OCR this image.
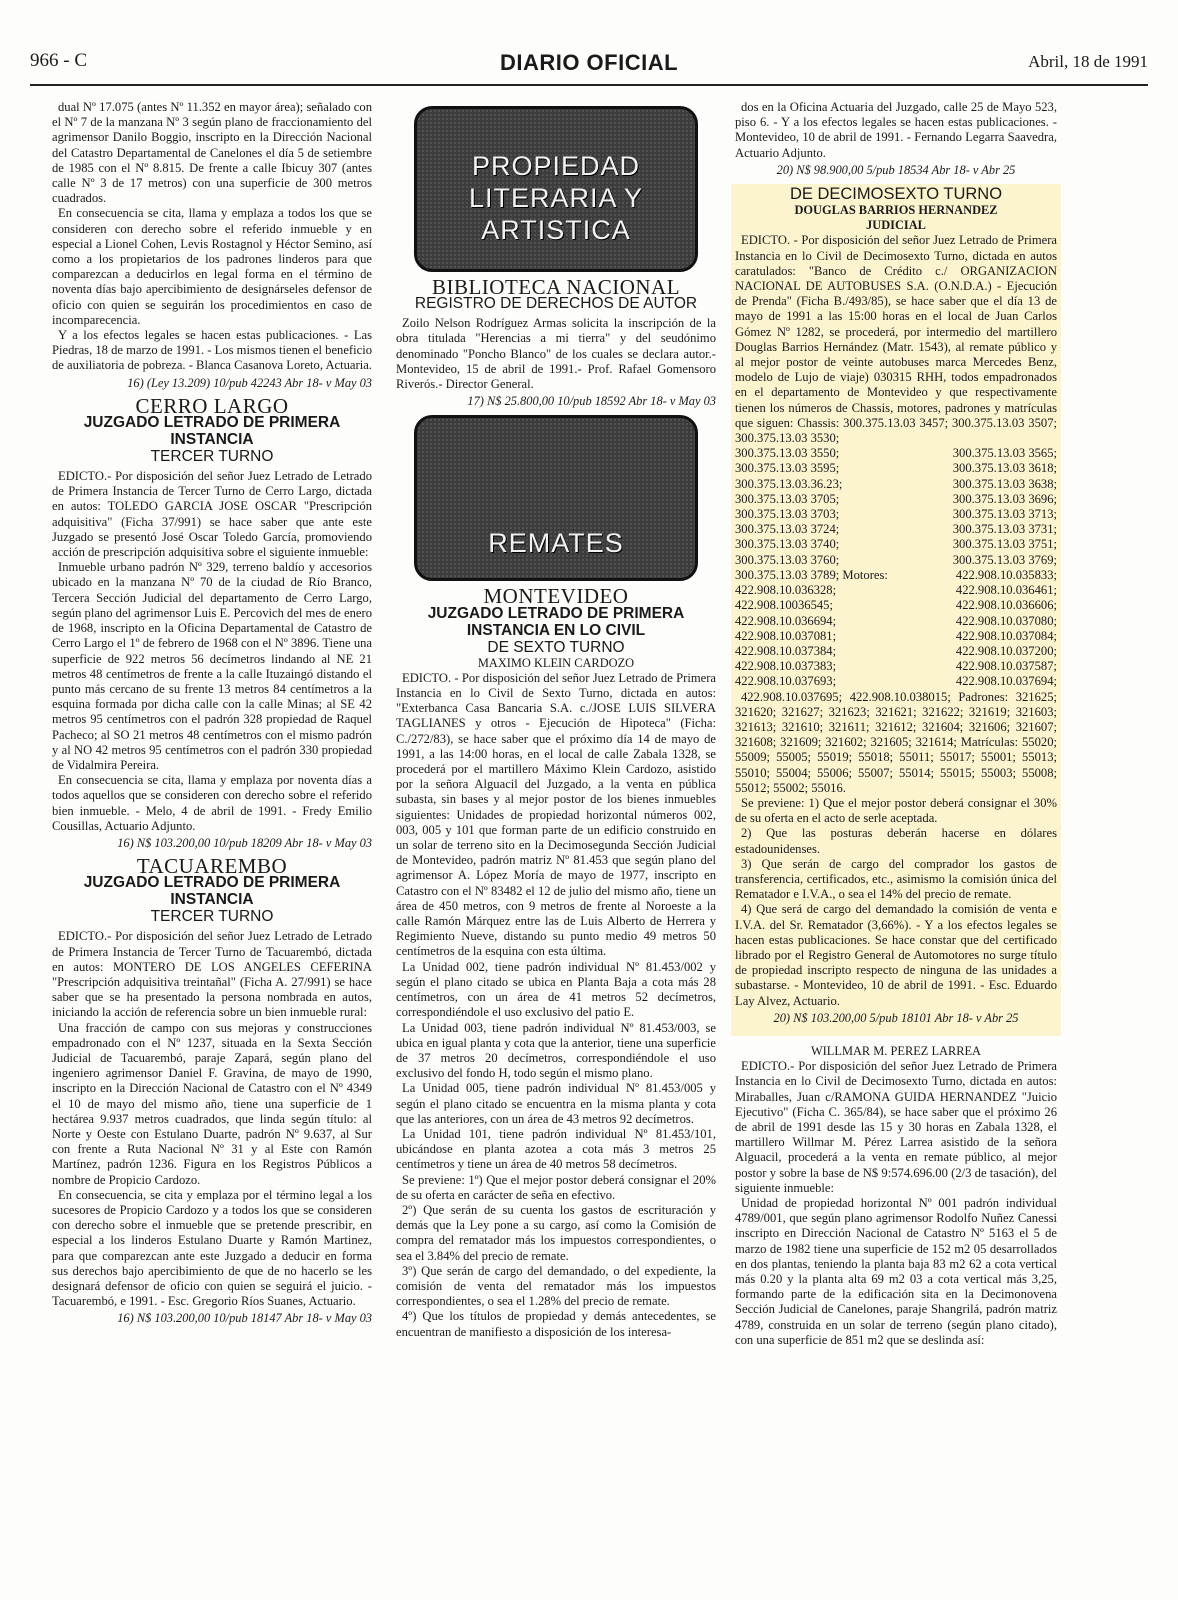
966 - C	DIARIO OFICIAL	Abril, 18 de 1991

dual Nº 17.075 (antes Nº 11.352 en mayor área); señalado con el Nº 7 de la manzana Nº 3 según plano de fraccionamiento del agrimensor Danilo Boggio, inscripto en la Dirección Nacional del Catastro Departamental de Canelones el día 5 de setiembre de 1985 con el Nº 8.815. De frente a calle Ibicuy 307 (antes calle Nº 3 de 17 metros) con una superficie de 300 metros cuadrados.

En consecuencia se cita, llama y emplaza a todos los que se consideren con derecho sobre el referido inmueble y en especial a Lionel Cohen, Levis Rostagnol y Héctor Semino, así como a los propietarios de los padrones linderos para que comparezcan a deducirlos en legal forma en el término de noventa días bajo apercibimiento de designárseles defensor de oficio con quien se seguirán los procedimientos en caso de incomparecencia.

Y a los efectos legales se hacen estas publicaciones. - Las Piedras, 18 de marzo de 1991. - Los mismos tienen el beneficio de auxiliatoria de pobreza. - Blanca Casanova Loreto, Actuaria.

16) (Ley 13.209) 10/pub 42243 Abr 18- v May 03
CERRO LARGO
JUZGADO LETRADO DE PRIMERA INSTANCIA
TERCER TURNO

EDICTO.- Por disposición del señor Juez Letrado de Letrado de Primera Instancia de Tercer Turno de Cerro Largo, dictada en autos: TOLEDO GARCIA JOSE OSCAR "Prescripción adquisitiva" (Ficha 37/991) se hace saber que ante este Juzgado se presentó José Oscar Toledo García, promoviendo acción de prescripción adquisitiva sobre el siguiente inmueble:

Inmueble urbano padrón Nº 329, terreno baldío y accesorios ubicado en la manzana Nº 70 de la ciudad de Río Branco, Tercera Sección Judicial del departamento de Cerro Largo, según plano del agrimensor Luis E. Percovich del mes de enero de 1968, inscripto en la Oficina Departamental de Catastro de Cerro Largo el 1º de febrero de 1968 con el Nº 3896. Tiene una superficie de 922 metros 56 decímetros lindando al NE 21 metros 48 centímetros de frente a la calle Ituzaingó distando el punto más cercano de su frente 13 metros 84 centímetros a la esquina formada por dicha calle con la calle Minas; al SE 42 metros 95 centímetros con el padrón 328 propiedad de Raquel Pacheco; al SO 21 metros 48 centímetros con el mismo padrón y al NO 42 metros 95 centímetros con el padrón 330 propiedad de Vidalmira Pereira.

En consecuencia se cita, llama y emplaza por noventa días a todos aquellos que se consideren con derecho sobre el referido bien inmueble. - Melo, 4 de abril de 1991. - Fredy Emilio Cousillas, Actuario Adjunto.

16) N$ 103.200,00 10/pub 18209 Abr 18- v May 03
TACUAREMBO
JUZGADO LETRADO DE PRIMERA INSTANCIA
TERCER TURNO

EDICTO.- Por disposición del señor Juez Letrado de Letrado de Primera Instancia de Tercer Turno de Tacuarembó, dictada en autos: MONTERO DE LOS ANGELES CEFERINA "Prescripción adquisitiva treintañal" (Ficha A. 27/991) se hace saber que se ha presentado la persona nombrada en autos, iniciando la acción de referencia sobre un bien inmueble rural:

Una fracción de campo con sus mejoras y construcciones empadronado con el Nº 1237, situada en la Sexta Sección Judicial de Tacuarembó, paraje Zapará, según plano del ingeniero agrimensor Daniel F. Gravina, de mayo de 1990, inscripto en la Dirección Nacional de Catastro con el Nº 4349 el 10 de mayo del mismo año, tiene una superficie de 1 hectárea 9.937 metros cuadrados, que linda según título: al Norte y Oeste con Estulano Duarte, padrón Nº 9.637, al Sur con frente a Ruta Nacional Nº 31 y al Este con Ramón Martínez, padrón 1236. Figura en los Registros Públicos a nombre de Propicio Cardozo.

En consecuencia, se cita y emplaza por el término legal a los sucesores de Propicio Cardozo y a todos los que se consideren con derecho sobre el inmueble que se pretende prescribir, en especial a los linderos Estulano Duarte y Ramón Martinez, para que comparezcan ante este Juzgado a deducir en forma sus derechos bajo apercibimiento de que de no hacerlo se les designará defensor de oficio con quien se seguirá el juicio. - Tacuarembó, e 1991. - Esc. Gregorio Ríos Suanes, Actuario.

16) N$ 103.200,00 10/pub 18147 Abr 18- v May 03
PROPIEDAD
LITERARIA Y
ARTISTICA
BIBLIOTECA NACIONAL
REGISTRO DE DERECHOS DE AUTOR

Zoilo Nelson Rodríguez Armas solicita la inscripción de la obra titulada "Herencias a mi tierra" y del seudónimo denominado "Poncho Blanco" de los cuales se declara autor.- Montevideo, 15 de abril de 1991.- Prof. Rafael Gomensoro Riverós.- Director General.

17) N$ 25.800,00 10/pub 18592 Abr 18- v May 03
REMATES
MONTEVIDEO
JUZGADO LETRADO DE PRIMERA INSTANCIA EN LO CIVIL
DE SEXTO TURNO
MAXIMO KLEIN CARDOZO

EDICTO. - Por disposición del señor Juez Letrado de Primera Instancia en lo Civil de Sexto Turno, dictada en autos: "Exterbanca Casa Bancaria S.A. c./JOSE LUIS SILVERA TAGLIANES y otros - Ejecución de Hipoteca" (Ficha: C./272/83), se hace saber que el próximo día 14 de mayo de 1991, a las 14:00 horas, en el local de calle Zabala 1328, se procederá por el martillero Máximo Klein Cardozo, asistido por la señora Alguacil del Juzgado, a la venta en pública subasta, sin bases y al mejor postor de los bienes inmuebles siguientes: Unidades de propiedad horizontal números 002, 003, 005 y 101 que forman parte de un edificio construido en un solar de terreno sito en la Decimosegunda Sección Judicial de Montevideo, padrón matriz Nº 81.453 que según plano del agrimensor A. López Moría de mayo de 1977, inscripto en Catastro con el Nº 83482 el 12 de julio del mismo año, tiene un área de 450 metros, con 9 metros de frente al Noroeste a la calle Ramón Márquez entre las de Luis Alberto de Herrera y Regimiento Nueve, distando su punto medio 49 metros 50 centímetros de la esquina con esta última.

La Unidad 002, tiene padrón individual Nº 81.453/002 y según el plano citado se ubica en Planta Baja a cota más 28 centímetros, con un área de 41 metros 52 decímetros, correspondiéndole el uso exclusivo del patio E.

La Unidad 003, tiene padrón individual Nº 81.453/003, se ubica en igual planta y cota que la anterior, tiene una superficie de 37 metros 20 decímetros, correspondiéndole el uso exclusivo del fondo H, todo según el mismo plano.

La Unidad 005, tiene padrón individual Nº 81.453/005 y según el plano citado se encuentra en la misma planta y cota que las anteriores, con un área de 43 metros 92 decímetros.

La Unidad 101, tiene padrón individual Nº 81.453/101, ubicándose en planta azotea a cota más 3 metros 25 centímetros y tiene un área de 40 metros 58 decímetros.

Se previene: 1º) Que el mejor postor deberá consignar el 20% de su oferta en carácter de seña en efectivo.

2º) Que serán de su cuenta los gastos de escrituración y demás que la Ley pone a su cargo, así como la Comisión de compra del rematador más los impuestos correspondientes, o sea el 3.84% del precio de remate.

3º) Que serán de cargo del demandado, o del expediente, la comisión de venta del rematador más los impuestos correspondientes, o sea el 1.28% del precio de remate.

4º) Que los títulos de propiedad y demás antecedentes, se encuentran de manifiesto a disposición de los interesa-

dos en la Oficina Actuaria del Juzgado, calle 25 de Mayo 523, piso 6. - Y a los efectos legales se hacen estas publicaciones. - Montevideo, 10 de abril de 1991. - Fernando Legarra Saavedra, Actuario Adjunto.

20) N$ 98.900,00 5/pub 18534 Abr 18- v Abr 25
DE DECIMOSEXTO TURNO
DOUGLAS BARRIOS HERNANDEZ
JUDICIAL

EDICTO. - Por disposición del señor Juez Letrado de Primera Instancia en lo Civil de Decimosexto Turno, dictada en autos caratulados: "Banco de Crédito c./ ORGANIZACION NACIONAL DE AUTOBUSES S.A. (O.N.D.A.) - Ejecución de Prenda" (Ficha B./493/85), se hace saber que el día 13 de mayo de 1991 a las 15:00 horas en el local de Juan Carlos Gómez Nº 1282, se procederá, por intermedio del martillero Douglas Barrios Hernández (Matr. 1543), al remate público y al mejor postor de veinte autobuses marca Mercedes Benz, modelo de Lujo de viaje) 030315 RHH, todos empadronados en el departamento de Montevideo y que respectivamente tienen los números de Chassis, motores, padrones y matrículas que siguen: Chassis: 300.375.13.03 3457; 300.375.13.03 3507; 300.375.13.03 3530;

300.375.13.03 3550;	300.375.13.03 3565;
300.375.13.03 3595;	300.375.13.03 3618;
300.375.13.03.36.23;	300.375.13.03 3638;
300.375.13.03 3705;	300.375.13.03 3696;
300.375.13.03 3703;	300.375.13.03 3713;
300.375.13.03 3724;	300.375.13.03 3731;
300.375.13.03 3740;	300.375.13.03 3751;
300.375.13.03 3760;	300.375.13.03 3769;
300.375.13.03 3789; Motores:	422.908.10.035833;
422.908.10.036328;	422.908.10.036461;
422.908.10036545;	422.908.10.036606;
422.908.10.036694;	422.908.10.037080;
422.908.10.037081;	422.908.10.037084;
422.908.10.037384;	422.908.10.037200;
422.908.10.037383;	422.908.10.037587;
422.908.10.037693;	422.908.10.037694;

422.908.10.037695; 422.908.10.038015; Padrones: 321625; 321620; 321627; 321623; 321621; 321622; 321619; 321603; 321613; 321610; 321611; 321612; 321604; 321606; 321607; 321608; 321609; 321602; 321605; 321614; Matrículas: 55020; 55009; 55005; 55019; 55018; 55011; 55017; 55001; 55013; 55010; 55004; 55006; 55007; 55014; 55015; 55003; 55008; 55012; 55002; 55016.

Se previene: 1) Que el mejor postor deberá consignar el 30% de su oferta en el acto de serle aceptada.

2) Que las posturas deberán hacerse en dólares estadounidenses.

3) Que serán de cargo del comprador los gastos de transferencia, certificados, etc., asimismo la comisión única del Rematador e I.V.A., o sea el 14% del precio de remate.

4) Que será de cargo del demandado la comisión de venta e I.V.A. del Sr. Rematador (3,66%). - Y a los efectos legales se hacen estas publicaciones. Se hace constar que del certificado librado por el Registro General de Automotores no surge título de propiedad inscripto respecto de ninguna de las unidades a subastarse. - Montevideo, 10 de abril de 1991. - Esc. Eduardo Lay Alvez, Actuario.

20) N$ 103.200,00 5/pub 18101 Abr 18- v Abr 25
WILLMAR M. PEREZ LARREA

EDICTO.- Por disposición del señor Juez Letrado de Primera Instancia en lo Civil de Decimosexto Turno, dictada en autos: Miraballes, Juan c/RAMONA GUIDA HERNANDEZ "Juicio Ejecutivo" (Ficha C. 365/84), se hace saber que el próximo 26 de abril de 1991 desde las 15 y 30 horas en Zabala 1328, el martillero Willmar M. Pérez Larrea asistido de la señora Alguacil, procederá a la venta en remate público, al mejor postor y sobre la base de N$ 9:574.696.00 (2/3 de tasación), del siguiente inmueble:

Unidad de propiedad horizontal Nº 001 padrón individual 4789/001, que según plano agrimensor Rodolfo Nuñez Canessi inscripto en Dirección Nacional de Catastro Nº 5163 el 5 de marzo de 1982 tiene una superficie de 152 m2 05 desarrollados en dos plantas, teniendo la planta baja 83 m2 62 a cota vertical más 0.20 y la planta alta 69 m2 03 a cota vertical más 3,25, formando parte de la edificación sita en la Decimonovena Sección Judicial de Canelones, paraje Shangrilá, padrón matriz 4789, construida en un solar de terreno (según plano citado), con una superficie de 851 m2 que se deslinda así:
